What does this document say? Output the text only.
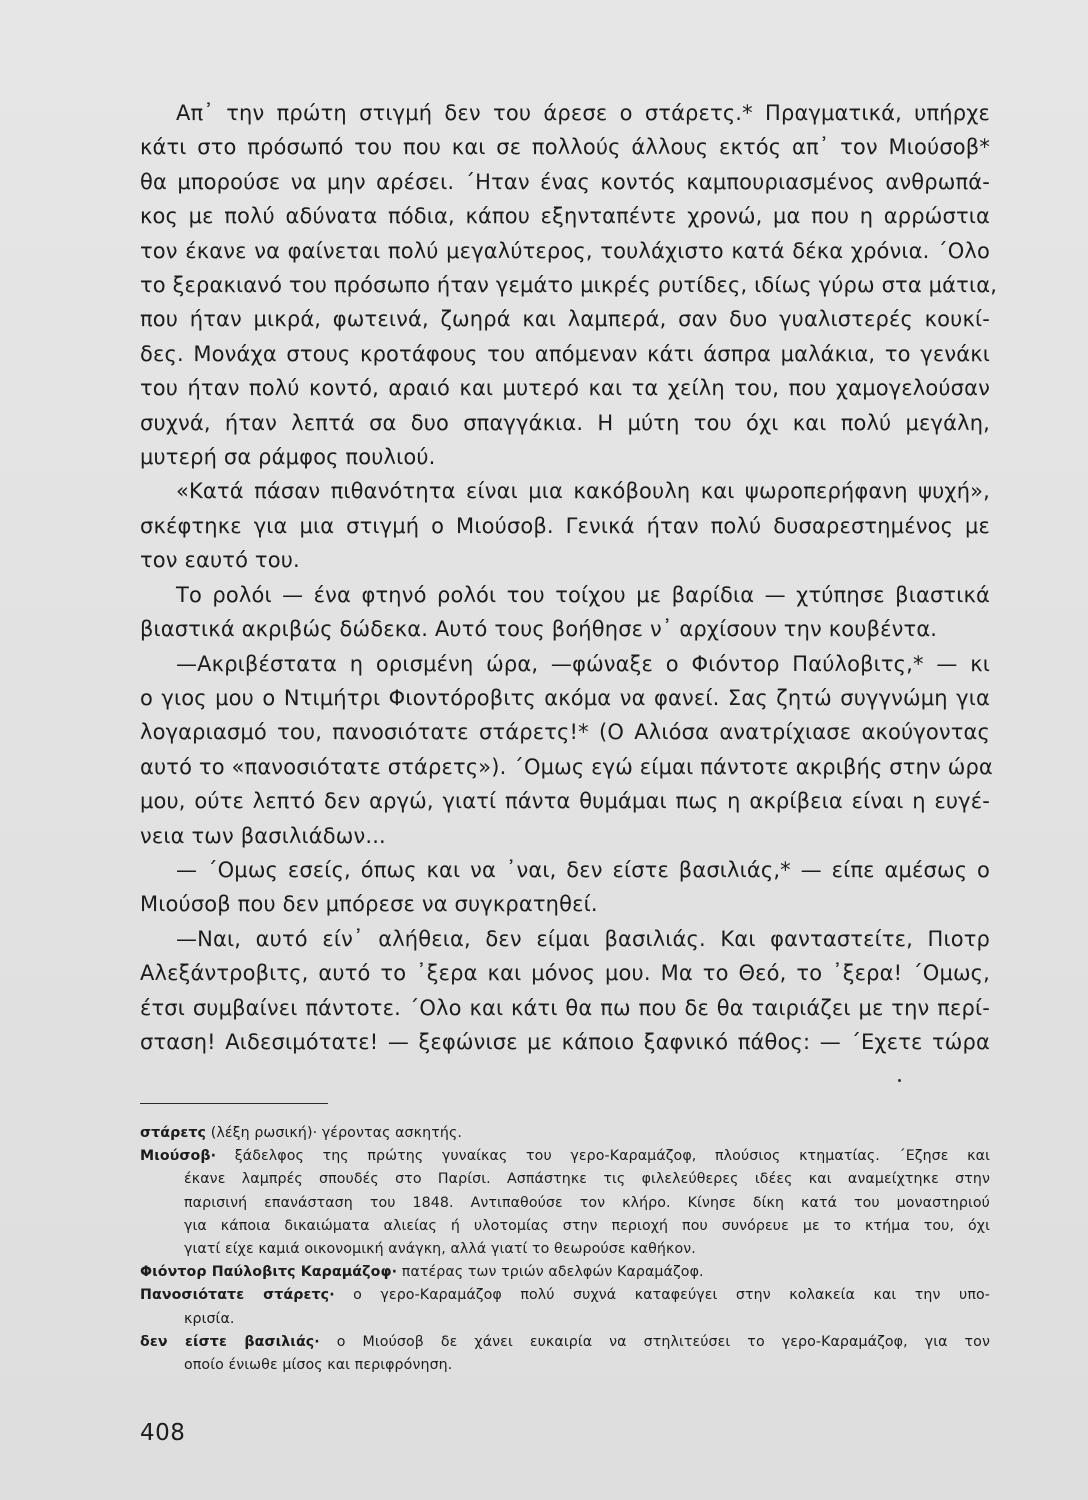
Απ᾽ την πρώτη στιγμή δεν του άρεσε ο στάρετς.* Πραγματικά, υπήρχε
κάτι στο πρόσωπό του που και σε πολλούς άλλους εκτός απ᾽ τον Μιούσοβ*
θα μπορούσε να μην αρέσει. ΄Ηταν ένας κοντός καμπουριασμένος ανθρωπά-
κος με πολύ αδύνατα πόδια, κάπου εξηνταπέντε χρονώ, μα που η αρρώστια
τον έκανε να φαίνεται πολύ μεγαλύτερος, τουλάχιστο κατά δέκα χρόνια. ΄Ολο
το ξερακιανό του πρόσωπο ήταν γεμάτο μικρές ρυτίδες, ιδίως γύρω στα μάτια,
που ήταν μικρά, φωτεινά, ζωηρά και λαμπερά, σαν δυο γυαλιστερές κουκί-
δες. Μονάχα στους κροτάφους του απόμεναν κάτι άσπρα μαλάκια, το γενάκι
του ήταν πολύ κοντό, αραιό και μυτερό και τα χείλη του, που χαμογελούσαν
συχνά, ήταν λεπτά σα δυο σπαγγάκια. Η μύτη του όχι και πολύ μεγάλη,
μυτερή σα ράμφος πουλιού.

«Κατά πάσαν πιθανότητα είναι μια κακόβουλη και ψωροπερήφανη ψυχή»,
σκέφτηκε για μια στιγμή ο Μιούσοβ. Γενικά ήταν πολύ δυσαρεστημένος με
τον εαυτό του.

Το ρολόι — ένα φτηνό ρολόι του τοίχου με βαρίδια — χτύπησε βιαστικά
βιαστικά ακριβώς δώδεκα. Αυτό τους βοήθησε ν᾽ αρχίσουν την κουβέντα.

—Ακριβέστατα η ορισμένη ώρα, —φώναξε ο Φιόντορ Παύλοβιτς,* — κι
ο γιος μου ο Ντιμήτρι Φιοντόροβιτς ακόμα να φανεί. Σας ζητώ συγγνώμη για
λογαριασμό του, πανοσιότατε στάρετς!* (Ο Αλιόσα ανατρίχιασε ακούγοντας
αυτό το «πανοσιότατε στάρετς»). ΄Ομως εγώ είμαι πάντοτε ακριβής στην ώρα
μου, ούτε λεπτό δεν αργώ, γιατί πάντα θυμάμαι πως η ακρίβεια είναι η ευγέ-
νεια των βασιλιάδων...

— ΄Ομως εσείς, όπως και να ᾽ναι, δεν είστε βασιλιάς,* — είπε αμέσως ο
Μιούσοβ που δεν μπόρεσε να συγκρατηθεί.

—Ναι, αυτό είν᾽ αλήθεια, δεν είμαι βασιλιάς. Και φανταστείτε, Πιοτρ
Αλεξάντροβιτς, αυτό το ᾽ξερα και μόνος μου. Μα το Θεό, το ᾽ξερα! ΄Ομως,
έτσι συμβαίνει πάντοτε. ΄Ολο και κάτι θα πω που δε θα ταιριάζει με την περί-
σταση! Αιδεσιμότατε! — ξεφώνισε με κάποιο ξαφνικό πάθος: — ΄Εχετε τώρα

στάρετς (λέξη ρωσική)· γέροντας ασκητής.
Μιούσοβ· ξάδελφος της πρώτης γυναίκας του γερο-Καραμάζοφ, πλούσιος κτηματίας. ΄Εζησε και
έκανε λαμπρές σπουδές στο Παρίσι. Ασπάστηκε τις φιλελεύθερες ιδέες και αναμείχτηκε στην
παρισινή επανάσταση του 1848. Αντιπαθούσε τον κλήρο. Κίνησε δίκη κατά του μοναστηριού
για κάποια δικαιώματα αλιείας ή υλοτομίας στην περιοχή που συνόρευε με το κτήμα του, όχι
γιατί είχε καμιά οικονομική ανάγκη, αλλά γιατί το θεωρούσε καθήκον.
Φιόντορ Παύλοβιτς Καραμάζοφ· πατέρας των τριών αδελφών Καραμάζοφ.
Πανοσιότατε στάρετς· ο γερο-Καραμάζοφ πολύ συχνά καταφεύγει στην κολακεία και την υπο-
κρισία.
δεν είστε βασιλιάς· ο Μιούσοβ δε χάνει ευκαιρία να στηλιτεύσει το γερο-Καραμάζοφ, για τον
οποίο ένιωθε μίσος και περιφρόνηση.
408
